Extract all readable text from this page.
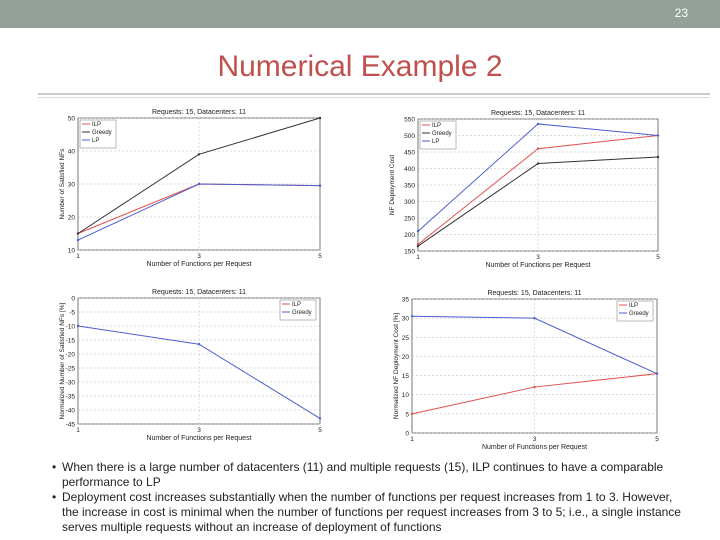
23
Numerical Example 2
Requests: 15, Datacenters: 11
10
20
30
40
50
1	3	5
Number of Functions per Request
Number of Satisfied NFs
ILP
Greedy
LP
Requests: 15, Datacenters: 11
150
200
250
300
350
400
450
500
550
1	3	5
Number of Functions per Request
NF Deployment Cost
ILP
Greedy
LP
Requests: 15, Datacenters: 11
0
-5
-10
-15
-20
-25
-30
-35
-40
-45
1	3	5
Number of Functions per Request
Normalized Number of Satisfied NFs [%]	ILP
Greedy
Requests: 15, Datacenters: 11
0
5
10
15
20
25
30
35
1	3	5
Number of Functions per Request
Normalized NF Deployment Cost [%]
ILP
Greedy
• When there is a large number of datacenters (11) and multiple requests (15), ILP continues to have a comparable performance to LP
• Deployment cost increases substantially when the number of functions per request increases from 1 to 3. However, the increase in cost is minimal when the number of functions per request increases from 3 to 5; i.e., a single instance serves multiple requests without an increase of deployment of functions
